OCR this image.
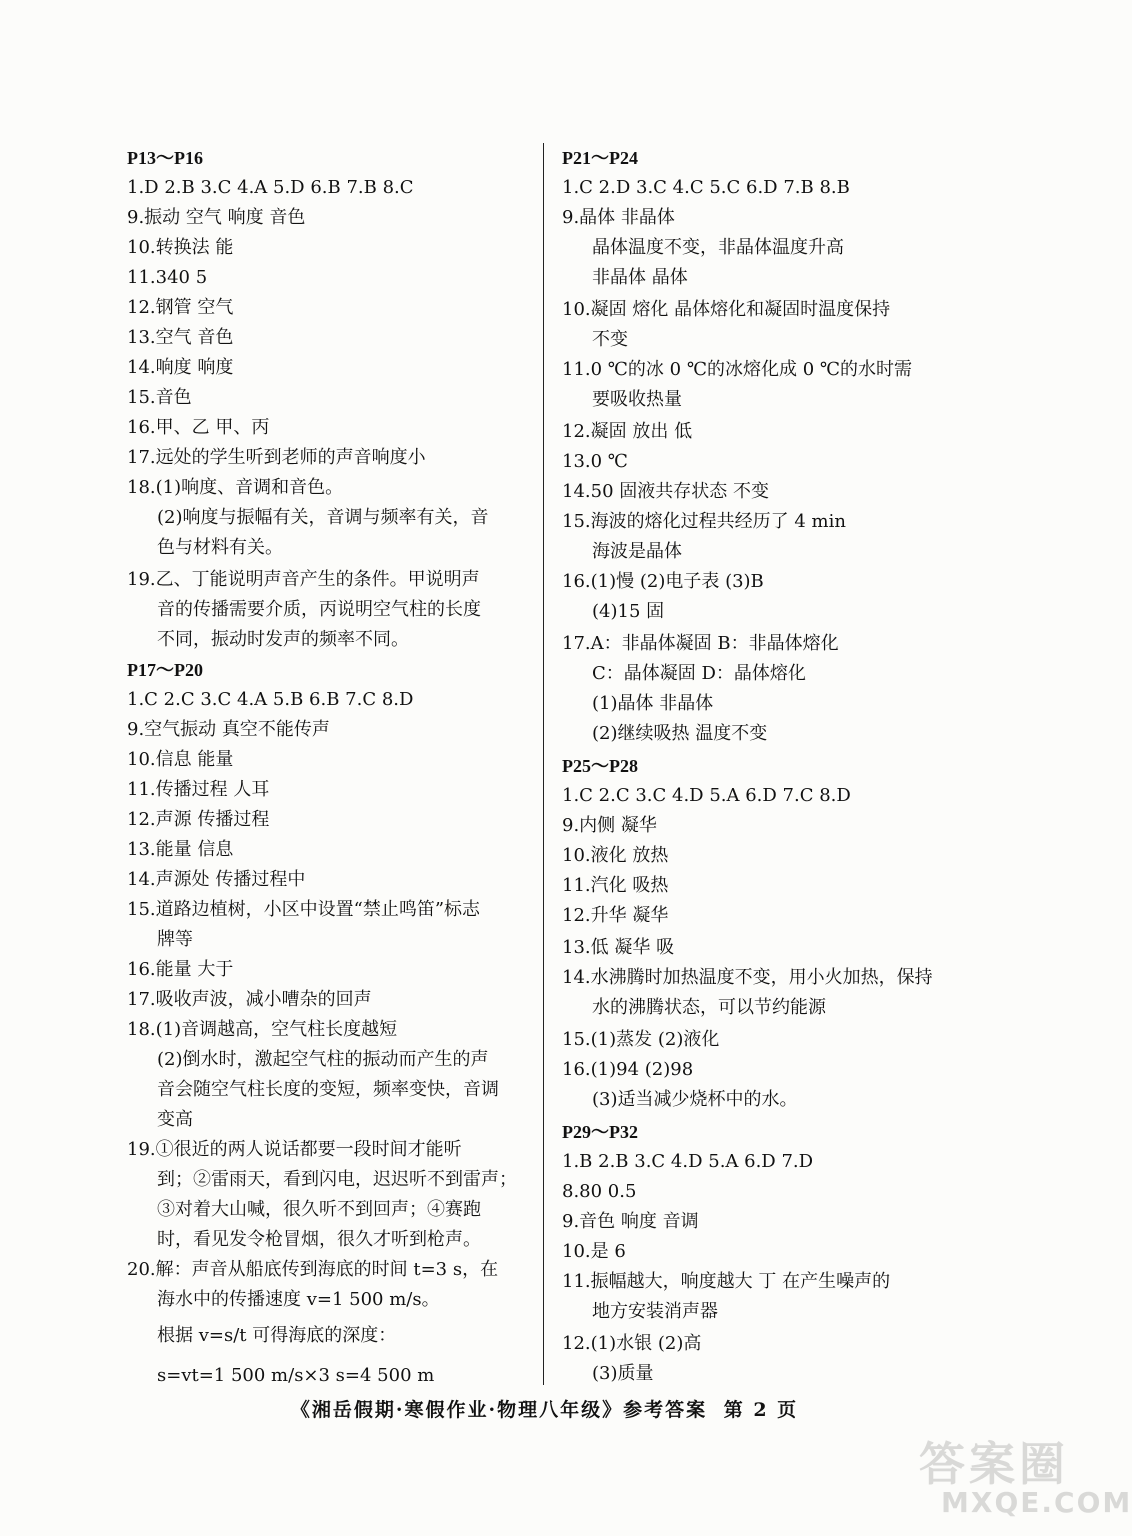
P13～P16
1.D 2.B 3.C 4.A 5.D 6.B 7.B 8.C
9.振动 空气 响度 音色
10.转换法 能
11.340 5
12.钢管 空气
13.空气 音色
14.响度 响度
15.音色
16.甲、乙 甲、丙
17.远处的学生听到老师的声音响度小
18.(1)响度、音调和音色。
(2)响度与振幅有关，音调与频率有关，音
色与材料有关。
19.乙、丁能说明声音产生的条件。甲说明声
音的传播需要介质，丙说明空气柱的长度
不同，振动时发声的频率不同。
P17～P20
1.C 2.C 3.C 4.A 5.B 6.B 7.C 8.D
9.空气振动 真空不能传声
10.信息 能量
11.传播过程 人耳
12.声源 传播过程
13.能量 信息
14.声源处 传播过程中
15.道路边植树，小区中设置“禁止鸣笛”标志
牌等
16.能量 大于
17.吸收声波，减小嘈杂的回声
18.(1)音调越高，空气柱长度越短
(2)倒水时，激起空气柱的振动而产生的声
音会随空气柱长度的变短，频率变快，音调
变高
19.①很近的两人说话都要一段时间才能听
到；②雷雨天，看到闪电，迟迟听不到雷声；
③对着大山喊，很久听不到回声；④赛跑
时，看见发令枪冒烟，很久才听到枪声。
20.解：声音从船底传到海底的时间 t=3 s，在
海水中的传播速度 v=1 500 m/s。
根据 v=s/t 可得海底的深度：
s=vt=1 500 m/s×3 s=4 500 m
P21～P24
1.C 2.D 3.C 4.C 5.C 6.D 7.B 8.B
9.晶体 非晶体
晶体温度不变，非晶体温度升高
非晶体 晶体
10.凝固 熔化 晶体熔化和凝固时温度保持
不变
11.0 ℃的冰 0 ℃的冰熔化成 0 ℃的水时需
要吸收热量
12.凝固 放出 低
13.0 ℃
14.50 固液共存状态 不变
15.海波的熔化过程共经历了 4 min
海波是晶体
16.(1)慢 (2)电子表 (3)B
(4)15 固
17.A：非晶体凝固 B：非晶体熔化
C：晶体凝固 D：晶体熔化
(1)晶体 非晶体
(2)继续吸热 温度不变
P25～P28
1.C 2.C 3.C 4.D 5.A 6.D 7.C 8.D
9.内侧 凝华
10.液化 放热
11.汽化 吸热
12.升华 凝华
13.低 凝华 吸
14.水沸腾时加热温度不变，用小火加热，保持
水的沸腾状态，可以节约能源
15.(1)蒸发 (2)液化
16.(1)94 (2)98
(3)适当减少烧杯中的水。
P29～P32
1.B 2.B 3.C 4.D 5.A 6.D 7.D
8.80 0.5
9.音色 响度 音调
10.是 6
11.振幅越大，响度越大 丁 在产生噪声的
地方安装消声器
12.(1)水银 (2)高
(3)质量
《湘岳假期·寒假作业·物理八年级》参考答案 第 2 页
答案圈
MXQE.COM
